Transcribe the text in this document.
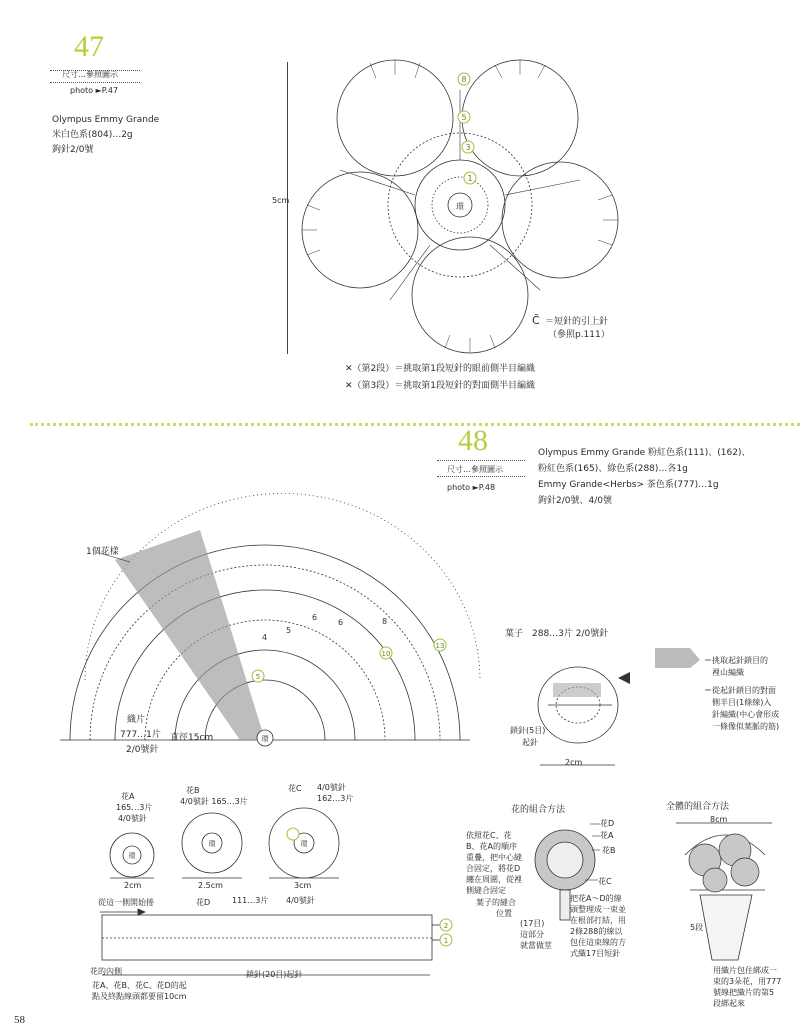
47
尺寸…參照圖示
photo ►P.47
Olympus Emmy Grande
米白色系(804)…2g
鉤針2/0號
5cm
8
5
3
1
環
C̃ ＝短針的引上針
（參照p.111）
✕（第2段）＝挑取第1段短針的眼前側半目編織
✕（第3段）＝挑取第1段短針的對面側半目編織
48
尺寸…參照圖示
photo ►P.48
Olympus Emmy Grande 粉紅色系(111)、(162)、
粉紅色系(165)、綠色系(288)…各1g
Emmy Grande<Herbs> 茶色系(777)…1g
鉤針2/0號、4/0號
環
4
5
6
6	8
10
13
5
1個花樣
織片
777…1片
2/0號針
直徑15cm
葉子　288…3片 2/0號針
鎖針(5目)
起針
2cm
＝挑取起針鎖目的
裡山編織
＝從起針鎖目的對面
側半目(1條線)入
針編織(中心會形成
一條像似葉脈的筋)
環
環	環
花A
165…3片
4/0號針
2cm
花B
4/0號針 165…3片
2.5cm
花C 4/0號針
162…3片
3cm
2
1
從這一側開始捲	花D	111…3片 4/0號針
花的內側	鎖針(20目)起針
花A、花B、花C、花D的起
點及終點線頭都要留10cm
花的組合方法
依照花C、花
B、花A的順序
重疊，把中心縫
合固定，將花D
纏在周圍，從裡
側縫合固定
葉子的縫合
位置
(17目)
這部分
就當做莖
把花A～D的線
頭整理成一束並
在根部打結，用
2條288的線以
包住這束線的方
式織17目短針
花D
花A
花B
花C
全體的組合方法
8cm
5段
用織片包住綁成一
束的3朵花，用777
號線把織片的第5
段綁起來
58
